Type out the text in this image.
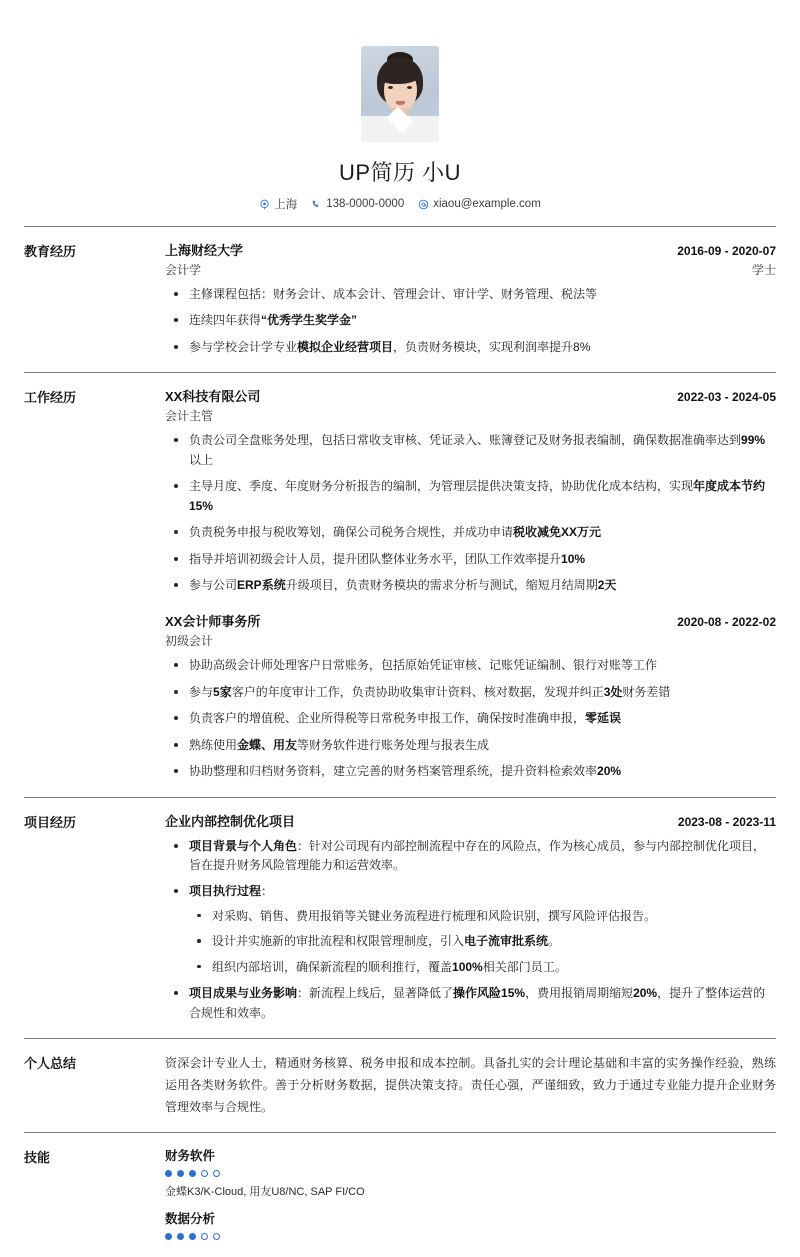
UP简历 小U
上海	138-0000-0000	xiaou@example.com
教育经历	上海财经大学	2016-09 - 2020-07
会计学	学士
主修课程包括：财务会计、成本会计、管理会计、审计学、财务管理、税法等
连续四年获得“优秀学生奖学金”
参与学校会计学专业模拟企业经营项目，负责财务模块，实现利润率提升8%
工作经历	XX科技有限公司	2022-03 - 2024-05
会计主管
负责公司全盘账务处理，包括日常收支审核、凭证录入、账簿登记及财务报表编制，确保数据准确率达到99%以上
主导月度、季度、年度财务分析报告的编制，为管理层提供决策支持，协助优化成本结构，实现年度成本节约15%
负责税务申报与税收筹划，确保公司税务合规性，并成功申请税收减免XX万元
指导并培训初级会计人员，提升团队整体业务水平，团队工作效率提升10%
参与公司ERP系统升级项目，负责财务模块的需求分析与测试，缩短月结周期2天
XX会计师事务所	2020-08 - 2022-02
初级会计
协助高级会计师处理客户日常账务，包括原始凭证审核、记账凭证编制、银行对账等工作
参与5家客户的年度审计工作，负责协助收集审计资料、核对数据，发现并纠正3处财务差错
负责客户的增值税、企业所得税等日常税务申报工作，确保按时准确申报，零延误
熟练使用金蝶、用友等财务软件进行账务处理与报表生成
协助整理和归档财务资料，建立完善的财务档案管理系统，提升资料检索效率20%
项目经历	企业内部控制优化项目	2023-08 - 2023-11
项目背景与个人角色：针对公司现有内部控制流程中存在的风险点，作为核心成员，参与内部控制优化项目，旨在提升财务风险管理能力和运营效率。
项目执行过程：
对采购、销售、费用报销等关键业务流程进行梳理和风险识别，撰写风险评估报告。
设计并实施新的审批流程和权限管理制度，引入电子流审批系统。
组织内部培训，确保新流程的顺利推行，覆盖100%相关部门员工。
项目成果与业务影响：新流程上线后，显著降低了操作风险15%，费用报销周期缩短20%，提升了整体运营的合规性和效率。
个人总结	资深会计专业人士，精通财务核算、税务申报和成本控制。具备扎实的会计理论基础和丰富的实务操作经验，熟练运用各类财务软件。善于分析财务数据，提供决策支持。责任心强，严谨细致，致力于通过专业能力提升企业财务管理效率与合规性。
技能	财务软件
金蝶K3/K-Cloud, 用友U8/NC, SAP FI/CO
数据分析
